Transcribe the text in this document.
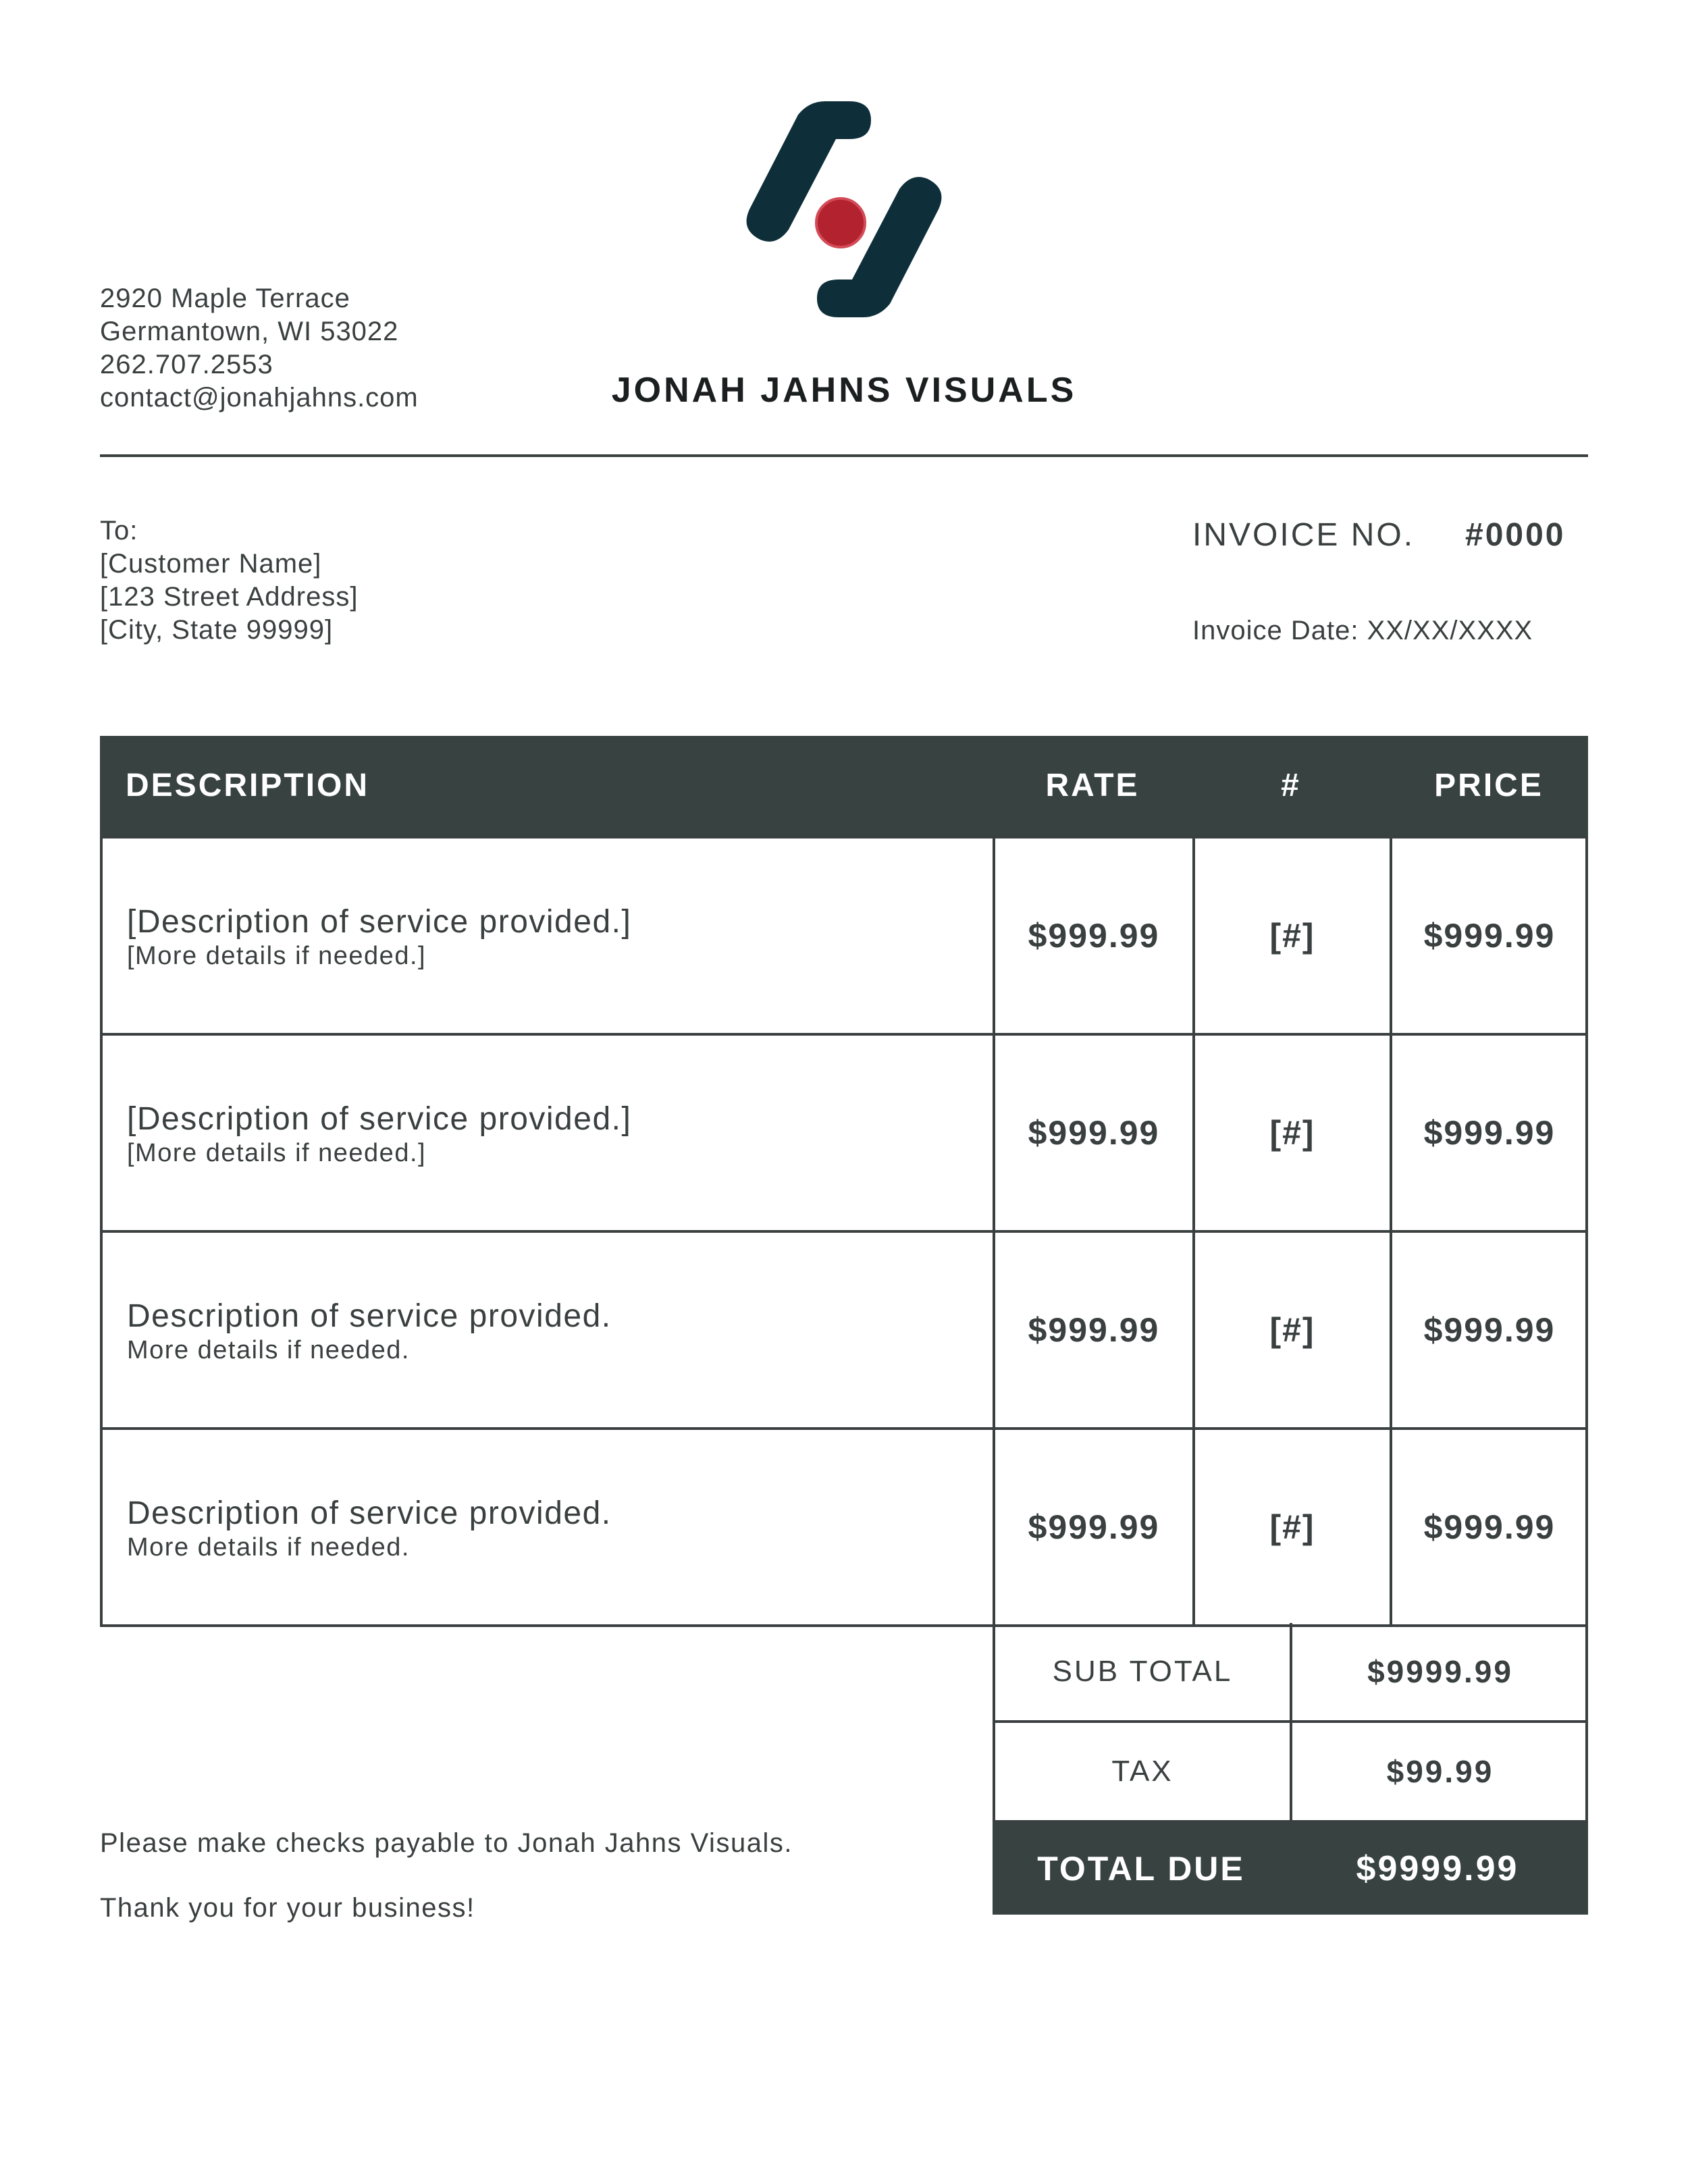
2920 Maple Terrace
Germantown, WI 53022
262.707.2553
contact@jonahjahns.com	JONAH JAHNS VISUALS
To:
[Customer Name]
[123 Street Address]
[City, State 99999]
INVOICE NO. #0000
Invoice Date: XX/XX/XXXX
DESCRIPTION	RATE	#	PRICE
[Description of service provided.]
[More details if needed.]
$999.99	[#]	$999.99
[Description of service provided.]
[More details if needed.]
$999.99	[#]	$999.99
Description of service provided.
More details if needed.
$999.99	[#]	$999.99
Description of service provided.
More details if needed.
$999.99	[#]	$999.99
SUB TOTAL	$9999.99
TAX	$99.99
TOTAL DUE	$9999.99
Please make checks payable to Jonah Jahns Visuals.
Thank you for your business!
